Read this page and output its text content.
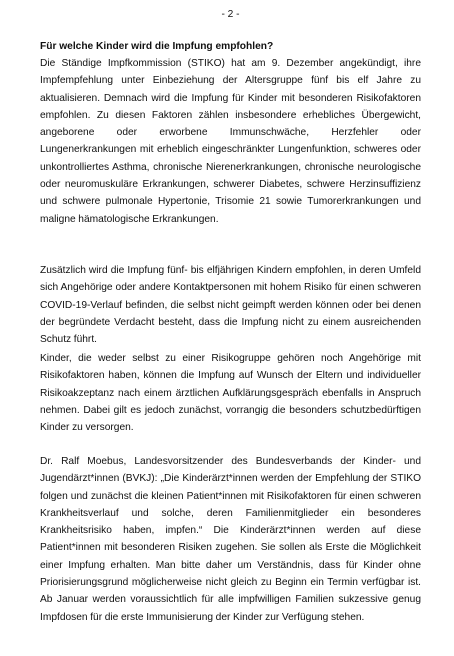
- 2 -
Für welche Kinder wird die Impfung empfohlen?

Die Ständige Impfkommission (STIKO) hat am 9. Dezember angekündigt, ihre Impfempfehlung unter Einbeziehung der Altersgruppe fünf bis elf Jahre zu aktualisieren. Demnach wird die Impfung für Kinder mit besonderen Risikofaktoren empfohlen. Zu diesen Faktoren zählen insbesondere erhebliches Übergewicht, angeborene oder erworbene Immunschwäche, Herzfehler oder Lungenerkrankungen mit erheblich eingeschränkter Lungenfunktion, schweres oder unkontrolliertes Asthma, chronische Nierenerkrankungen, chronische neurologische oder neuromuskuläre Erkrankungen, schwerer Diabetes, schwere Herzinsuffizienz und schwere pulmonale Hypertonie, Trisomie 21 sowie Tumorerkrankungen und maligne hämatologische Erkrankungen.

Zusätzlich wird die Impfung fünf- bis elfjährigen Kindern empfohlen, in deren Umfeld sich Angehörige oder andere Kontaktpersonen mit hohem Risiko für einen schweren COVID-19-Verlauf befinden, die selbst nicht geimpft werden können oder bei denen der begründete Verdacht besteht, dass die Impfung nicht zu einem ausreichenden Schutz führt.

Kinder, die weder selbst zu einer Risikogruppe gehören noch Angehörige mit Risikofaktoren haben, können die Impfung auf Wunsch der Eltern und individueller Risikoakzeptanz nach einem ärztlichen Aufklärungsgespräch ebenfalls in Anspruch nehmen. Dabei gilt es jedoch zunächst, vorrangig die besonders schutzbedürftigen Kinder zu versorgen.

Dr. Ralf Moebus, Landesvorsitzender des Bundesverbands der Kinder- und Jugendärzt*innen (BVKJ): „Die Kinderärzt*innen werden der Empfehlung der STIKO folgen und zunächst die kleinen Patient*innen mit Risikofaktoren für einen schweren Krankheitsverlauf und solche, deren Familienmitglieder ein besonderes Krankheitsrisiko haben, impfen.“ Die Kinderärzt*innen werden auf diese Patient*innen mit besonderen Risiken zugehen. Sie sollen als Erste die Möglichkeit einer Impfung erhalten. Man bitte daher um Verständnis, dass für Kinder ohne Priorisierungsgrund möglicherweise nicht gleich zu Beginn ein Termin verfügbar ist. Ab Januar werden voraussichtlich für alle impfwilligen Familien sukzessive genug Impfdosen für die erste Immunisierung der Kinder zur Verfügung stehen.
